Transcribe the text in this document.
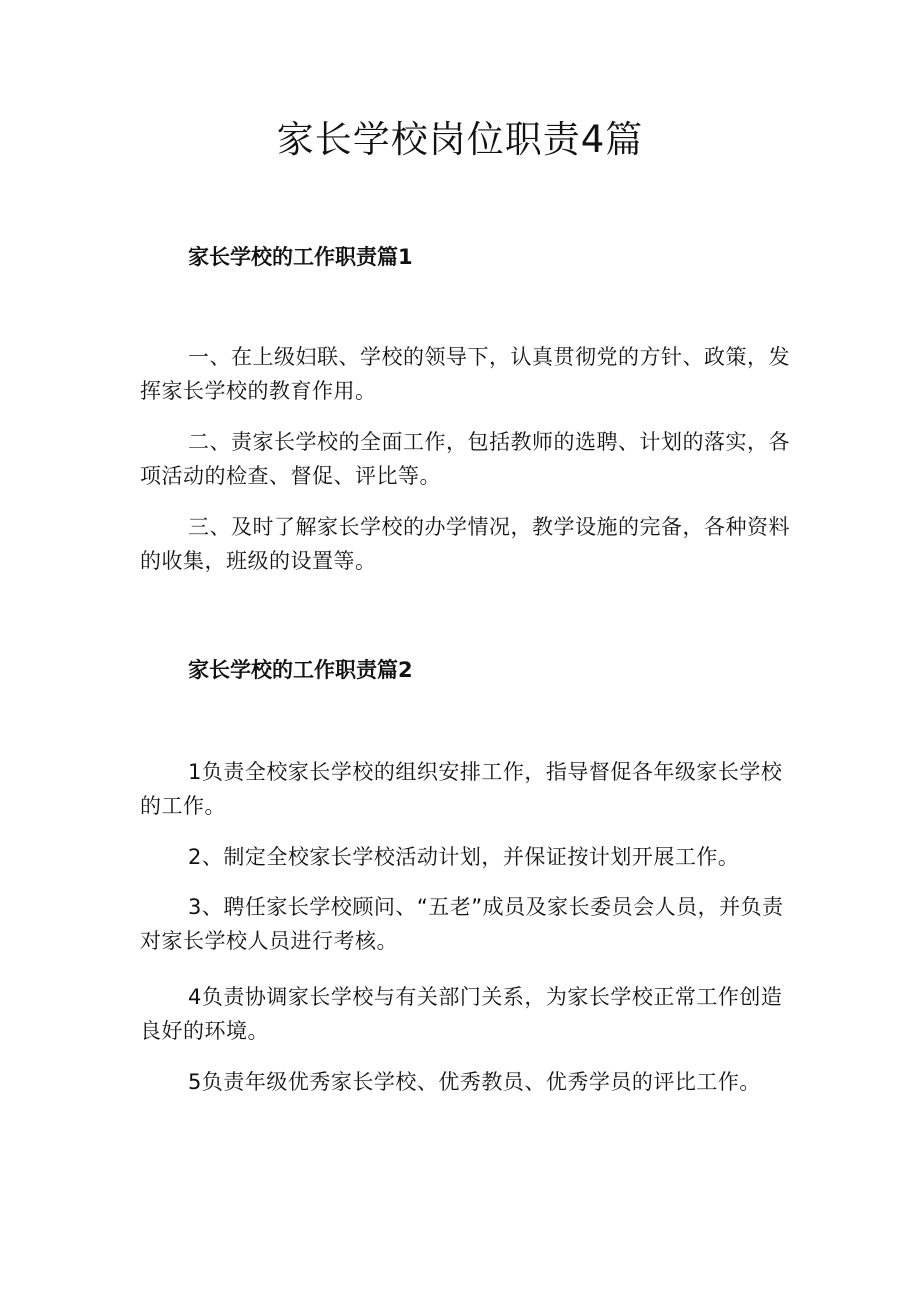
家长学校岗位职责4篇
家长学校的工作职责篇1

一、在上级妇联、学校的领导下，认真贯彻党的方针、政策，发挥家长学校的教育作用。

二、责家长学校的全面工作，包括教师的选聘、计划的落实，各项活动的检查、督促、评比等。

三、及时了解家长学校的办学情况，教学设施的完备，各种资料的收集，班级的设置等。

家长学校的工作职责篇2

1负责全校家长学校的组织安排工作，指导督促各年级家长学校的工作。

2、制定全校家长学校活动计划，并保证按计划开展工作。

3、聘任家长学校顾问、“五老”成员及家长委员会人员，并负责对家长学校人员进行考核。

4负责协调家长学校与有关部门关系，为家长学校正常工作创造良好的环境。

5负责年级优秀家长学校、优秀教员、优秀学员的评比工作。
